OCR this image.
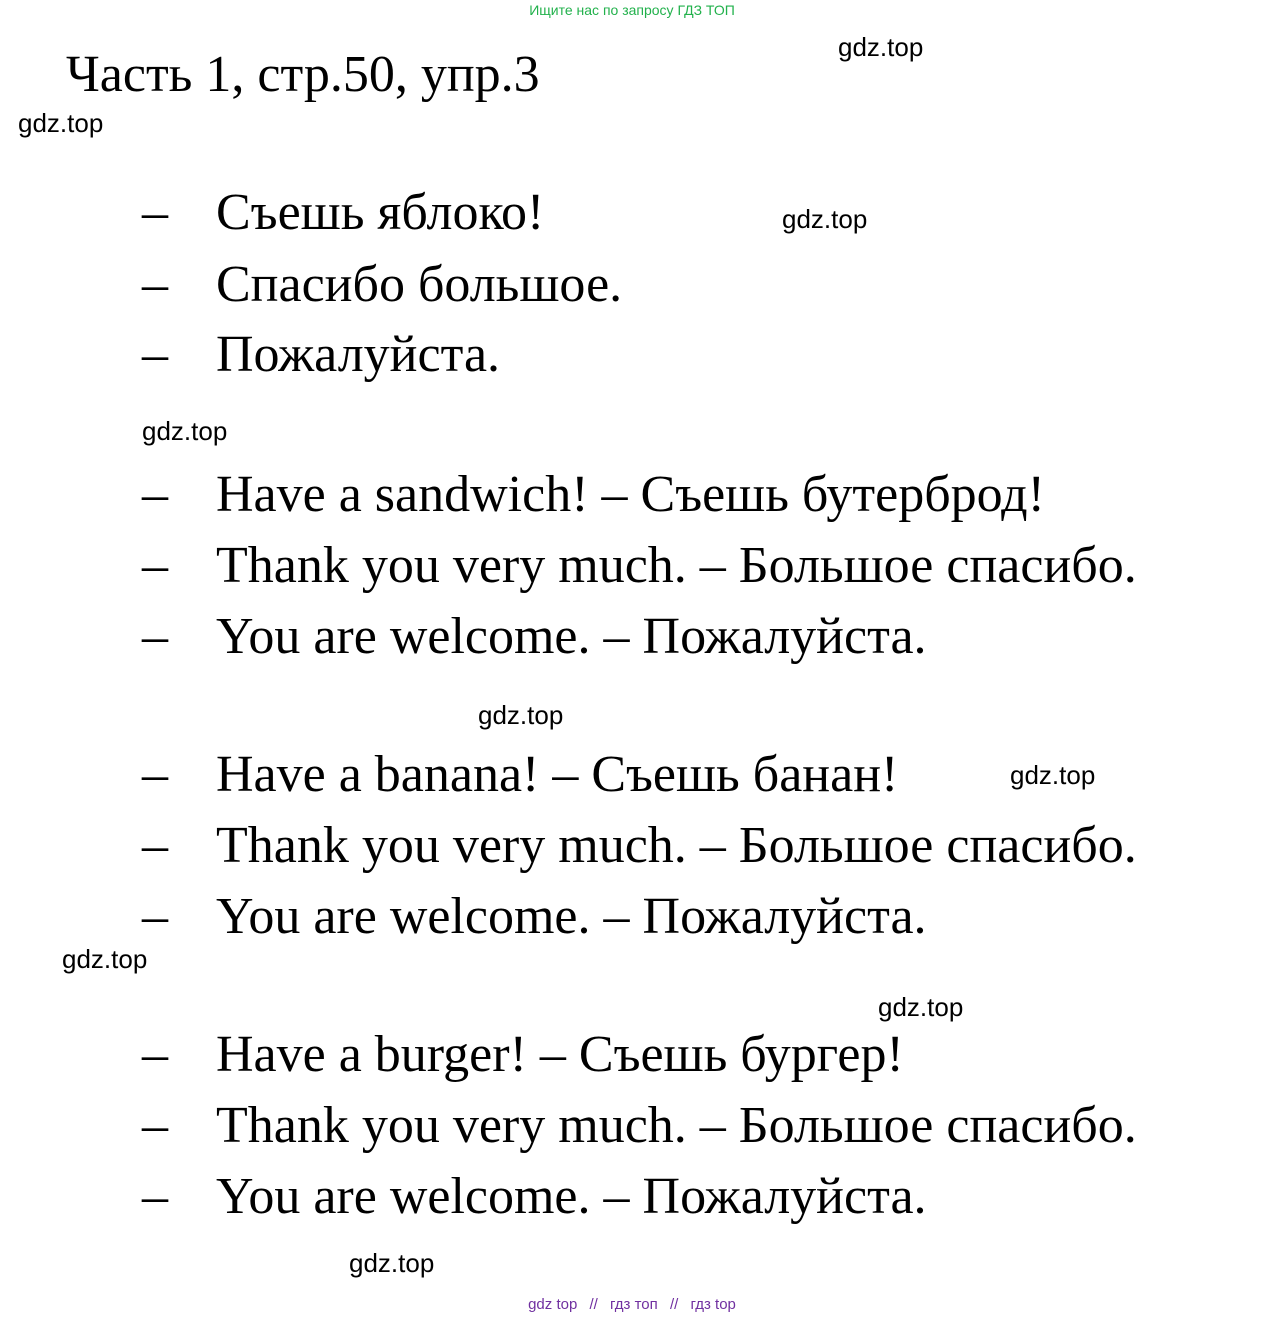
Ищите нас по запросу ГДЗ ТОП
Часть 1, стр.50, упр.3	gdz.top
gdz.top
gdz.top
gdz.top
gdz.top
gdz.top
gdz.top
gdz.top
gdz.top
– Съешь яблоко!
– Спасибо большое.
– Пожалуйста.
– Have a sandwich! – Съешь бутерброд!
– Thank you very much. – Большое спасибо.
– You are welcome. – Пожалуйста.
– Have a banana! – Съешь банан!
– Thank you very much. – Большое спасибо.
– You are welcome. – Пожалуйста.
– Have a burger! – Съешь бургер!
– Thank you very much. – Большое спасибо.
– You are welcome. – Пожалуйста.
gdz top // гдз топ // гдз top
